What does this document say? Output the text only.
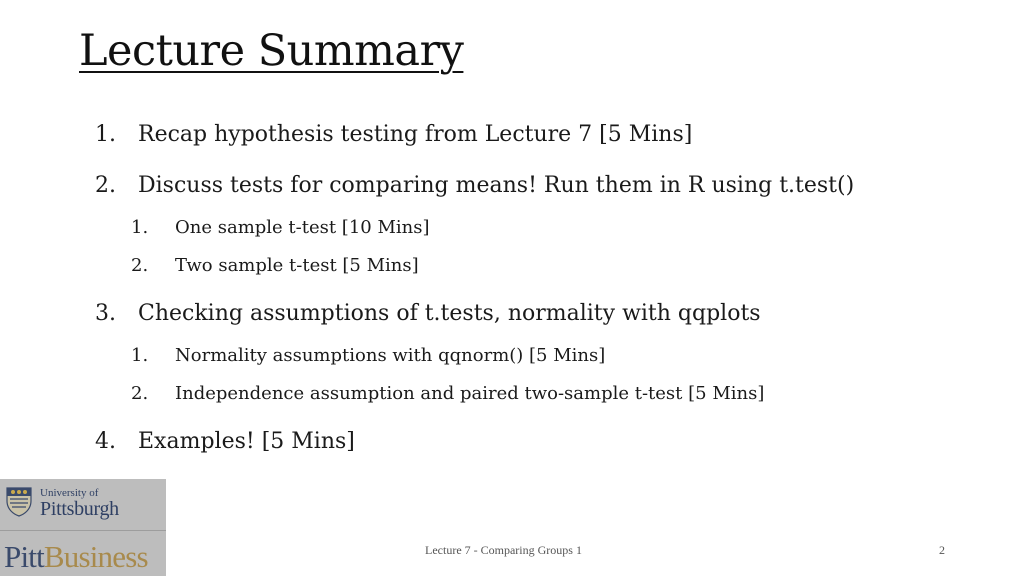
Lecture Summary
1.	Recap hypothesis testing from Lecture 7 [5 Mins]
2.	Discuss tests for comparing means! Run them in R using t.test()
1.	One sample t-test [10 Mins]
2.	Two sample t-test [5 Mins]
3.	Checking assumptions of t.tests, normality with qqplots
1.	Normality assumptions with qqnorm() [5 Mins]
2.	Independence assumption and paired two-sample t-test [5 Mins]
4.	Examples! [5 Mins]
University of
Pittsburgh
PittBusiness	Lecture 7 - Comparing Groups 1	2
